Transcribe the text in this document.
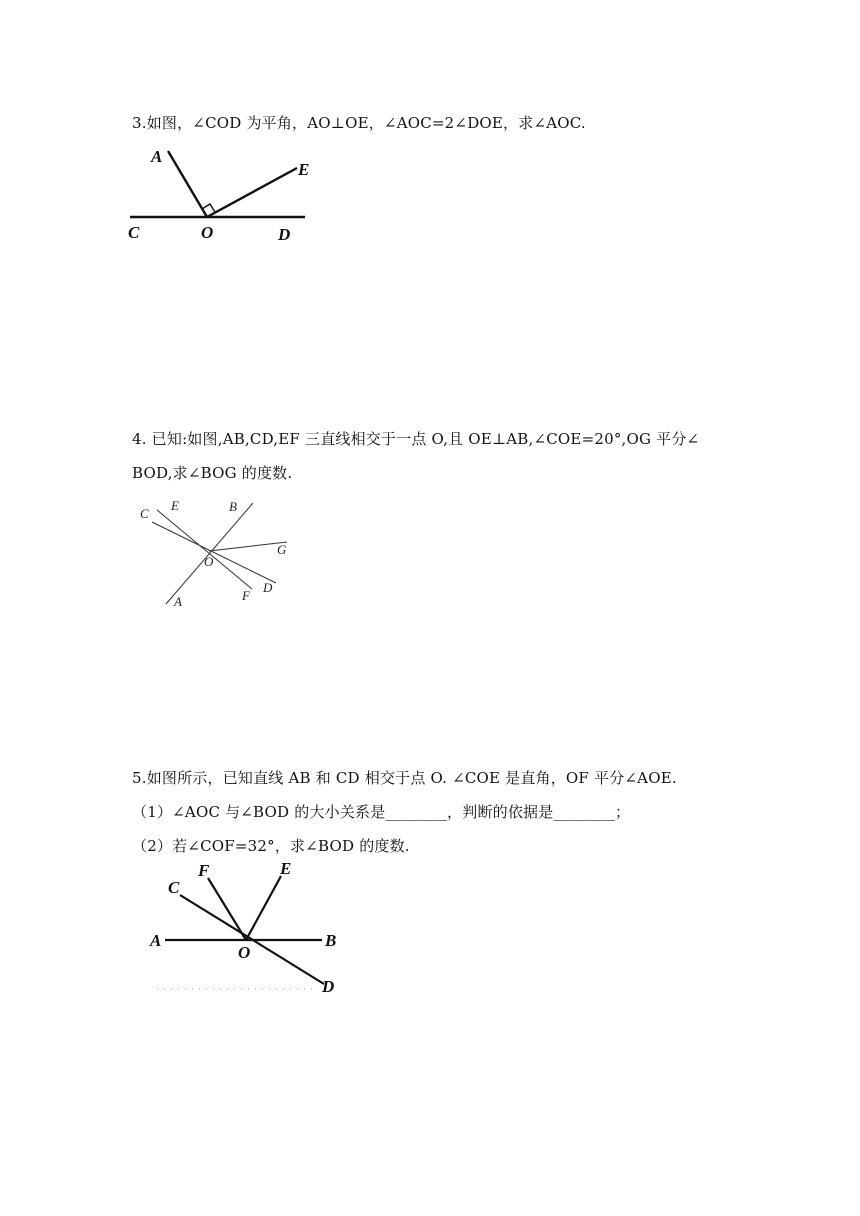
3.如图，∠COD 为平角，AO⊥OE，∠AOC=2∠DOE，求∠AOC.
A
E
C	O	D
4. 已知:如图,AB,CD,EF 三直线相交于一点 O,且 OE⊥AB,∠COE=20°,OG 平分∠
BOD,求∠BOG 的度数.
C
E	B
G
O
A	F
D
5.如图所示，已知直线 AB 和 CD 相交于点 O. ∠COE 是直角，OF 平分∠AOE.
（1）∠AOC 与∠BOD 的大小关系是________，判断的依据是________；
（2）若∠COF=32°，求∠BOD 的度数.
C
F	E
A
O
B
D
